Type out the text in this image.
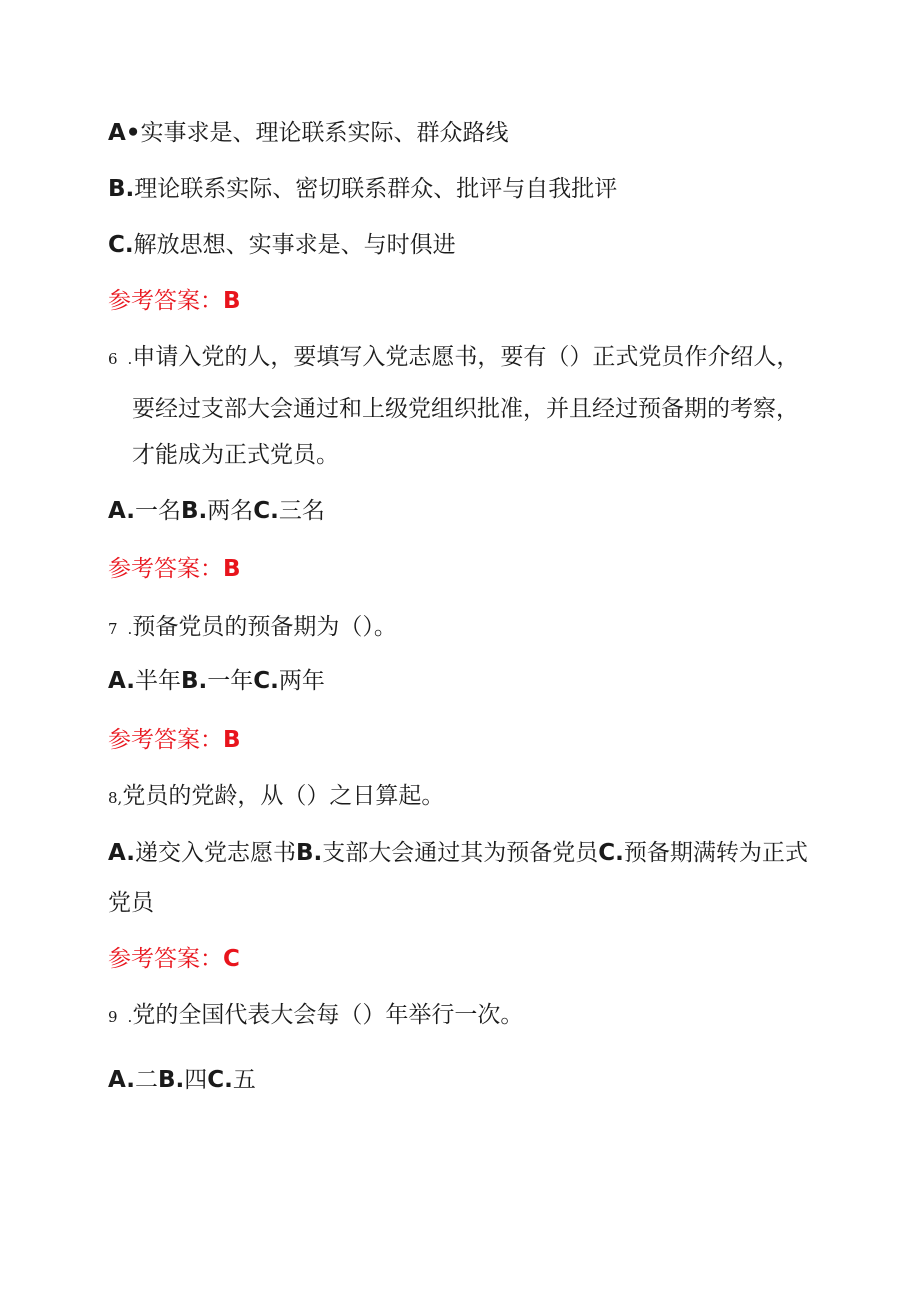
A•实事求是、理论联系实际、群众路线
B.理论联系实际、密切联系群众、批评与自我批评
C.解放思想、实事求是、与时俱进
参考答案：B
6 .申请入党的人，要填写入党志愿书，要有（）正式党员作介绍人，
要经过支部大会通过和上级党组织批准，并且经过预备期的考察，
才能成为正式党员。
A.一名B.两名C.三名
参考答案：B
7 .预备党员的预备期为（）。
A.半年B.一年C.两年
参考答案：B
8,党员的党龄，从（）之日算起。
A.递交入党志愿书B.支部大会通过其为预备党员C.预备期满转为正式
党员
参考答案：C
9 .党的全国代表大会每（）年举行一次。
A.二B.四C.五
